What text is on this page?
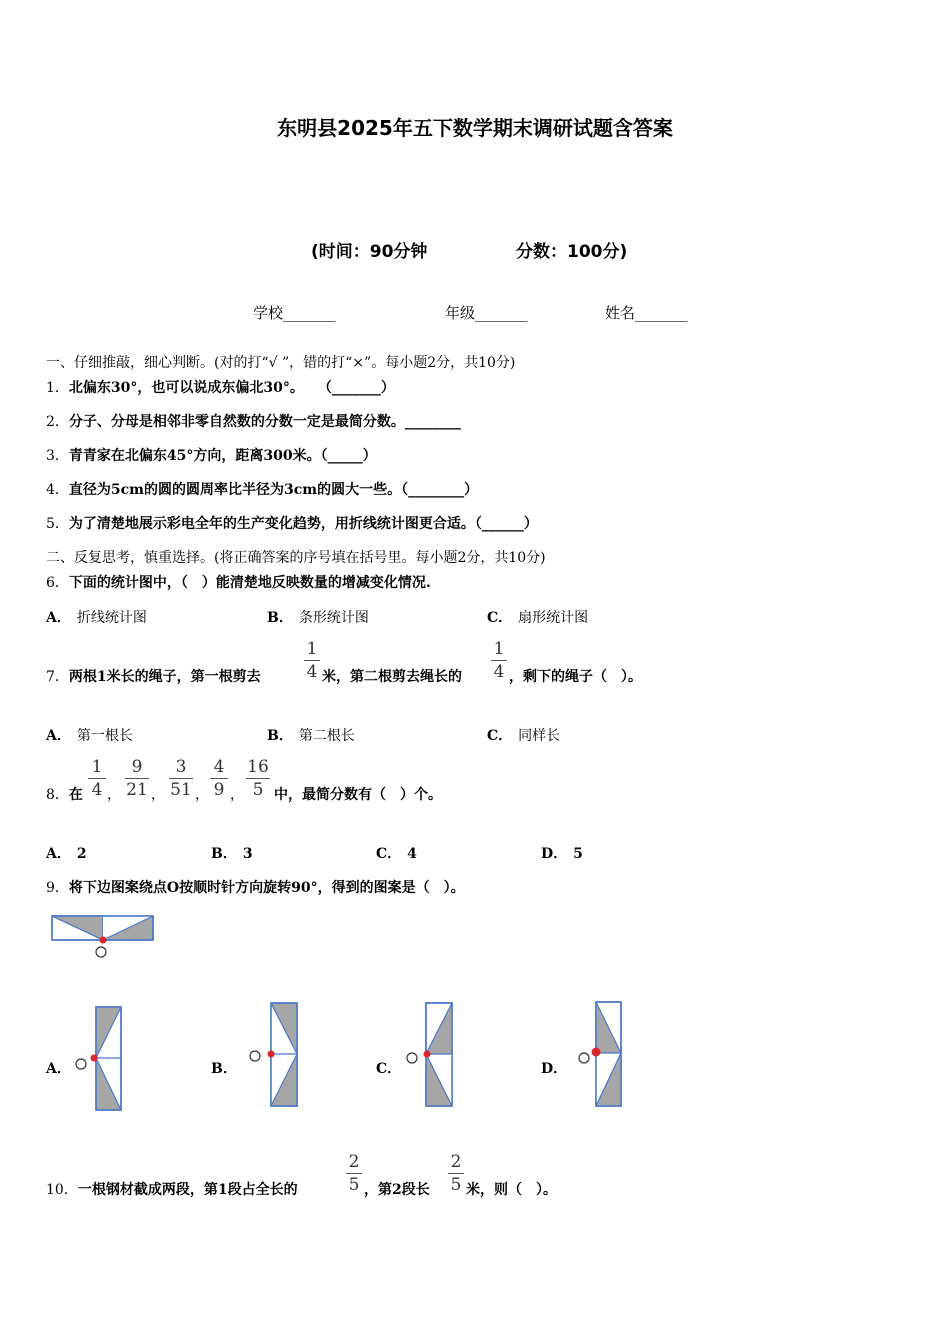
东明县2025年五下数学期末调研试题含答案
(时间：90分钟	分数：100分)
学校_______	年级_______	姓名_______
一、仔细推敲，细心判断。(对的打“√ ”，错的打“×”。每小题2分，共10分)
1．北偏东30°，也可以说成东偏北30°。　　（_______）
2．分子、分母是相邻非零自然数的分数一定是最简分数。________
3．青青家在北偏东45°方向，距离300米。（_____）
4．直径为5cm的圆的圆周率比半径为3cm的圆大一些。（________）
5．为了清楚地展示彩电全年的生产变化趋势，用折线统计图更合适。（______）
二、反复思考，慎重选择。(将正确答案的序号填在括号里。每小题2分，共10分)
6．下面的统计图中，（　）能清楚地反映数量的增减变化情况.
A． 折线统计图	B． 条形统计图	C． 扇形统计图
7．两根1米长的绳子，第一根剪去
1
4 米，第二根剪去绳长的
1
4 ，剩下的绳子（　）。
A． 第一根长	B． 第二根长	C． 同样长
8．在
1
4 ，
9
21 ，
3
51 ，
4
9 ，
16
5 中，最简分数有（　）个。
A． 2	B． 3	C． 4	D． 5
9．将下边图案绕点O按顺时针方向旋转90°，得到的图案是（　）。
A．	B．	C．	D．
10．一根钢材截成两段，第1段占全长的
2
5 ，第2段长
2
5 米，则（　）。
